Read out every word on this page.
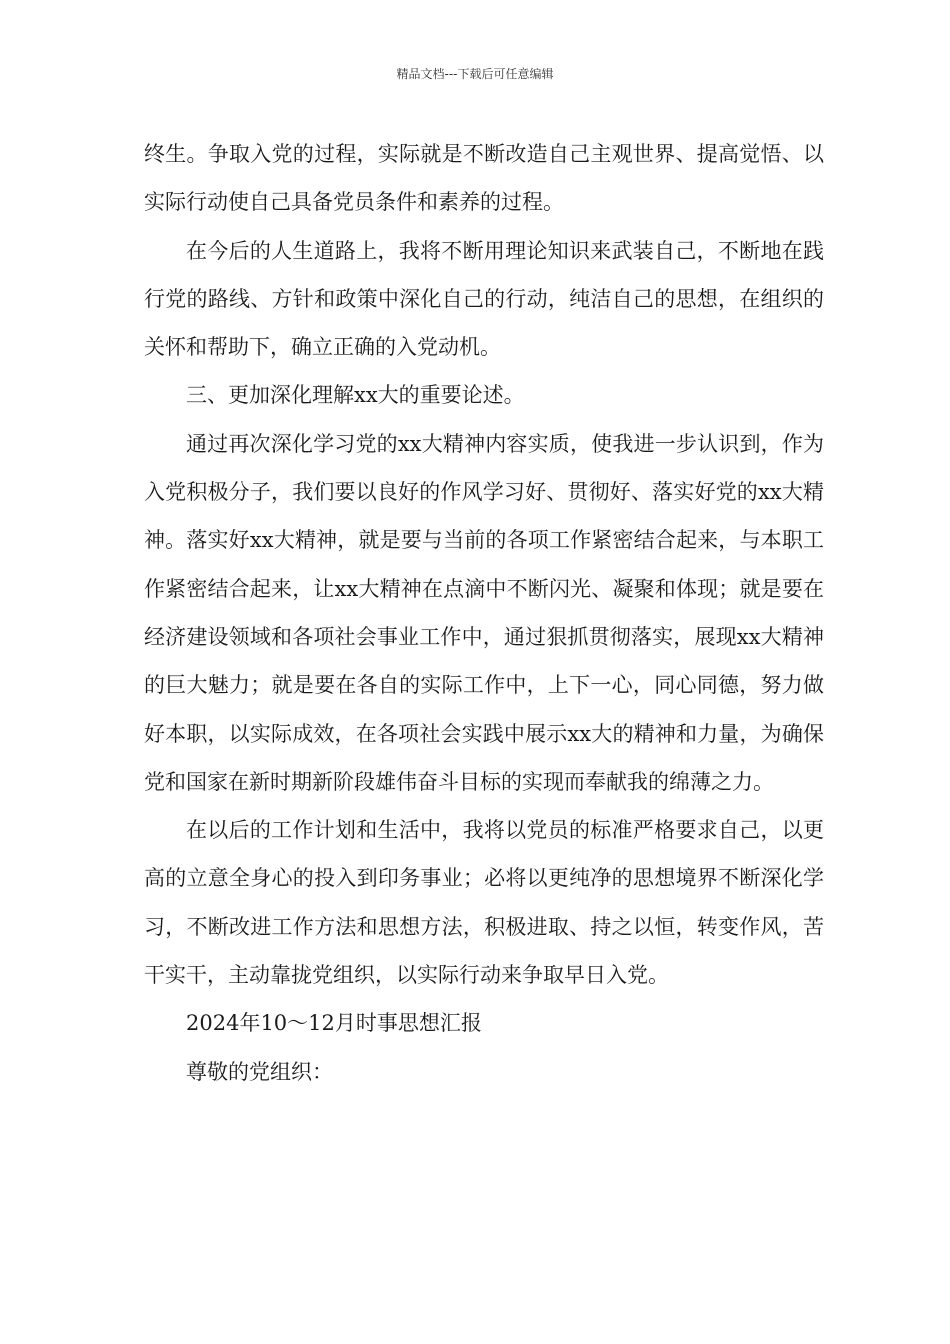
精品文档---下载后可任意编辑

终生。争取入党的过程，实际就是不断改造自己主观世界、提高觉悟、以实际行动使自己具备党员条件和素养的过程。

在今后的人生道路上，我将不断用理论知识来武装自己，不断地在践行党的路线、方针和政策中深化自己的行动，纯洁自己的思想，在组织的关怀和帮助下，确立正确的入党动机。

三、更加深化理解xx大的重要论述。

通过再次深化学习党的xx大精神内容实质，使我进一步认识到，作为入党积极分子，我们要以良好的作风学习好、贯彻好、落实好党的xx大精神。落实好xx大精神，就是要与当前的各项工作紧密结合起来，与本职工作紧密结合起来，让xx大精神在点滴中不断闪光、凝聚和体现；就是要在经济建设领域和各项社会事业工作中，通过狠抓贯彻落实，展现xx大精神的巨大魅力；就是要在各自的实际工作中，上下一心，同心同德，努力做好本职，以实际成效，在各项社会实践中展示xx大的精神和力量，为确保党和国家在新时期新阶段雄伟奋斗目标的实现而奉献我的绵薄之力。

在以后的工作计划和生活中，我将以党员的标准严格要求自己，以更高的立意全身心的投入到印务事业；必将以更纯净的思想境界不断深化学习，不断改进工作方法和思想方法，积极进取、持之以恒，转变作风，苦干实干，主动靠拢党组织，以实际行动来争取早日入党。

2024年10～12月时事思想汇报

尊敬的党组织：
